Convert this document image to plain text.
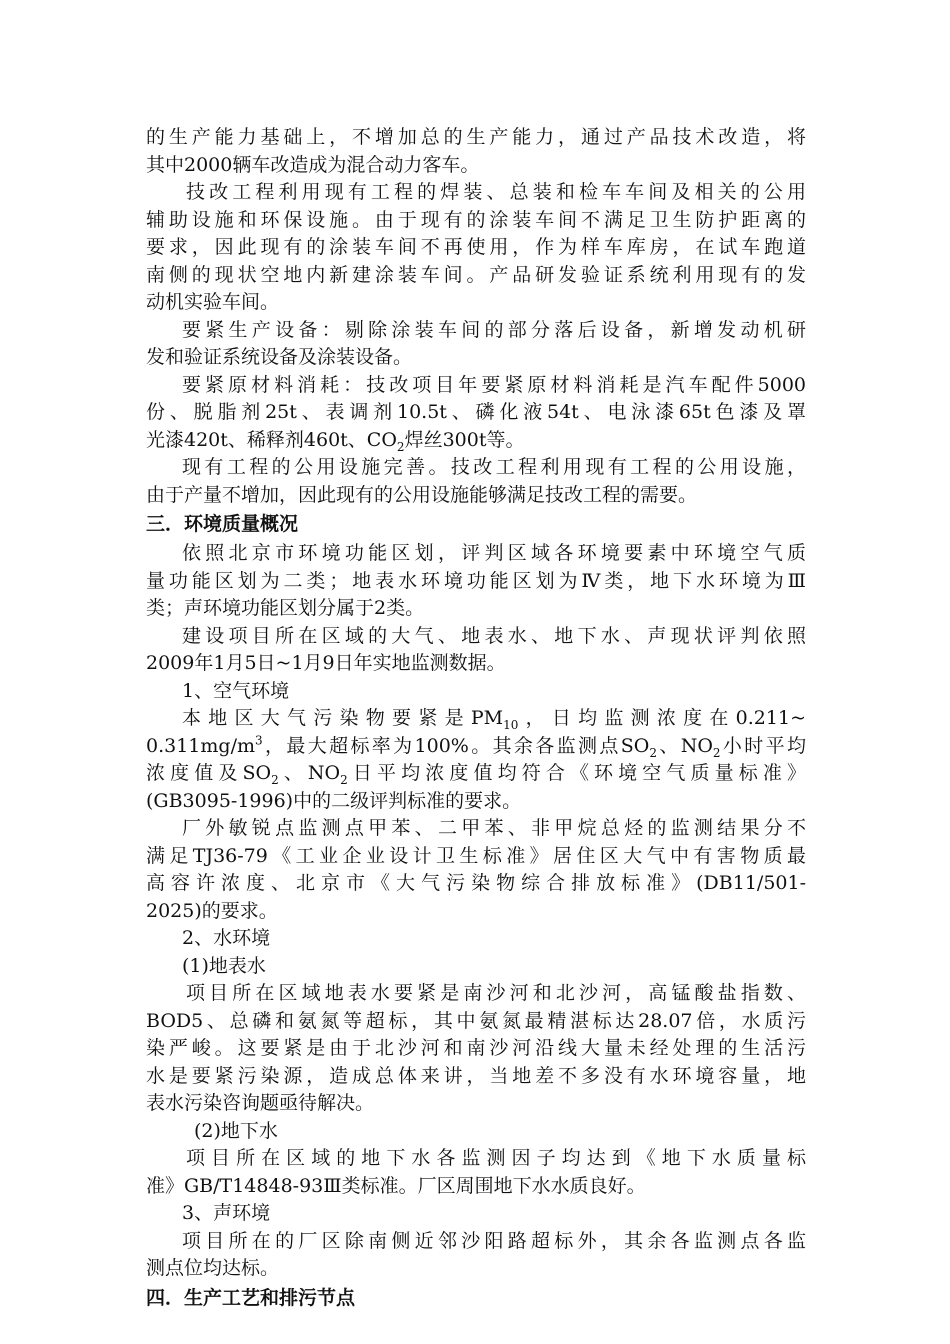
的生产能力基础上，不增加总的生产能力，通过产品技术改造，将
其中2000辆车改造成为混合动力客车。
技改工程利用现有工程的焊装、总装和检车车间及相关的公用
辅助设施和环保设施。由于现有的涂装车间不满足卫生防护距离的
要求，因此现有的涂装车间不再使用，作为样车库房，在试车跑道
南侧的现状空地内新建涂装车间。产品研发验证系统利用现有的发
动机实验车间。
要紧生产设备：剔除涂装车间的部分落后设备，新增发动机研
发和验证系统设备及涂装设备。
要紧原材料消耗：技改项目年要紧原材料消耗是汽车配件5000
份、脱脂剂25t、表调剂10.5t、磷化液54t、电泳漆65t色漆及罩
光漆420t、稀释剂460t、$CO_2$焊丝300t等。
现有工程的公用设施完善。技改工程利用现有工程的公用设施，
由于产量不增加，因此现有的公用设施能够满足技改工程的需要。
三．环境质量概况
依照北京市环境功能区划，评判区域各环境要素中环境空气质
量功能区划为二类；地表水环境功能区划为Ⅳ类，地下水环境为Ⅲ
类；声环境功能区划分属于2类。
建设项目所在区域的大气、地表水、地下水、声现状评判依照
2009年1月5日~1月9日年实地监测数据。
1、空气环境
本地区大气污染物要紧是$PM_{10}$，日均监测浓度在0.211~
$0.311mg/m^3$，最大超标率为100%。其余各监测点$SO_2$、$NO_2$小时平均
浓度值及$SO_2$、$NO_2$日平均浓度值均符合《环境空气质量标准》
(GB3095-1996)中的二级评判标准的要求。
厂外敏锐点监测点甲苯、二甲苯、非甲烷总烃的监测结果分不
满足TJ36-79《工业企业设计卫生标准》居住区大气中有害物质最
高容许浓度、北京市《大气污染物综合排放标准》(DB11/501-
2025)的要求。
2、水环境
(1)地表水
项目所在区域地表水要紧是南沙河和北沙河，高锰酸盐指数、
BOD5、总磷和氨氮等超标，其中氨氮最精湛标达28.07倍，水质污
染严峻。这要紧是由于北沙河和南沙河沿线大量未经处理的生活污
水是要紧污染源，造成总体来讲，当地差不多没有水环境容量，地
表水污染咨询题亟待解决。
(2)地下水
项目所在区域的地下水各监测因子均达到《地下水质量标
准》GB/T14848-93Ⅲ类标准。厂区周围地下水水质良好。
3、声环境
项目所在的厂区除南侧近邻沙阳路超标外，其余各监测点各监
测点位均达标。
四．生产工艺和排污节点
